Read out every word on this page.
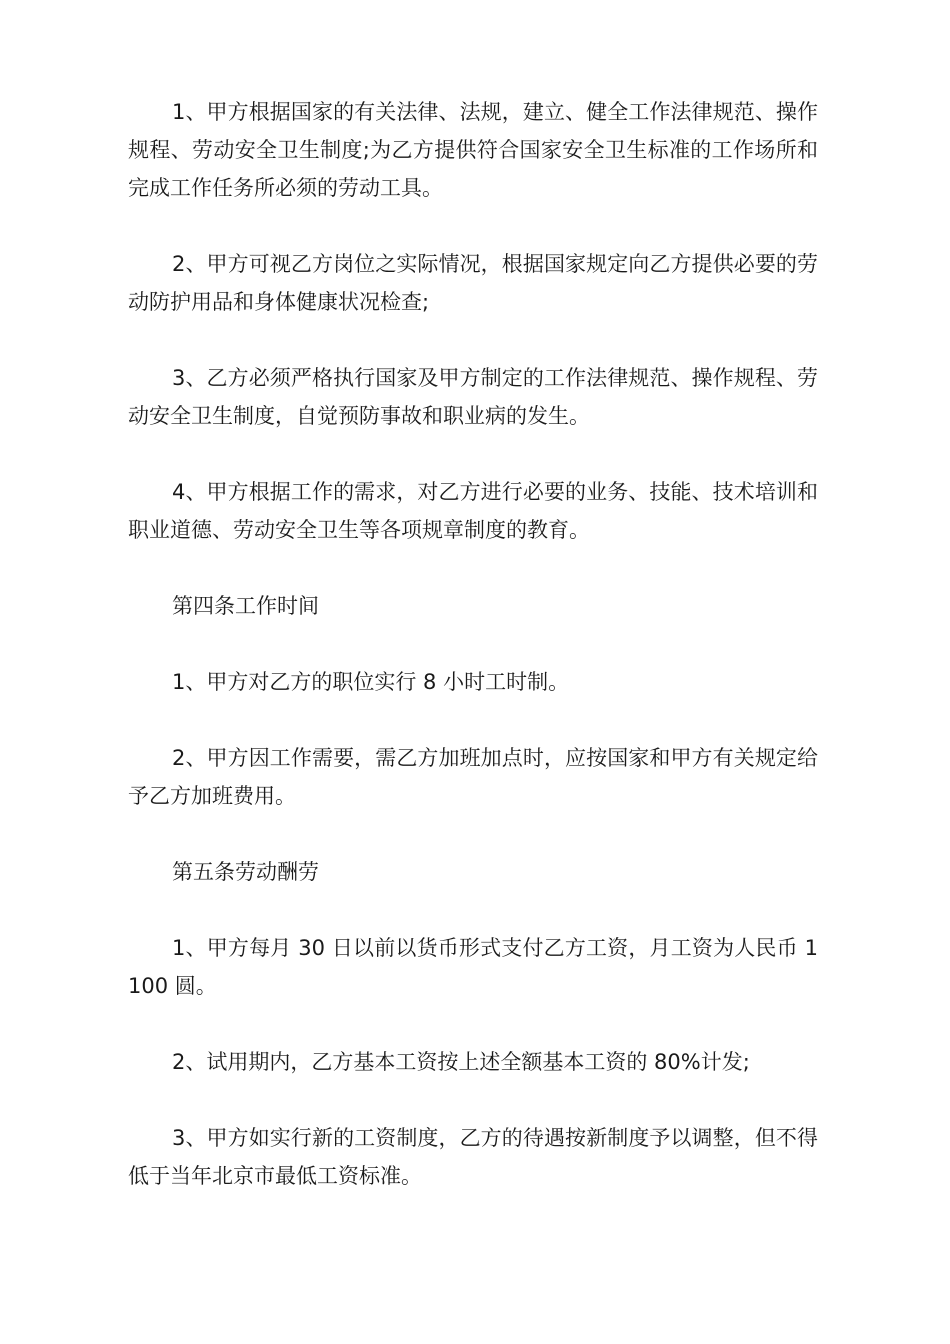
1、甲方根据国家的有关法律、法规，建立、健全工作法律规范、操作规程、劳动安全卫生制度;为乙方提供符合国家安全卫生标准的工作场所和完成工作任务所必须的劳动工具。

2、甲方可视乙方岗位之实际情况，根据国家规定向乙方提供必要的劳动防护用品和身体健康状况检查;

3、乙方必须严格执行国家及甲方制定的工作法律规范、操作规程、劳动安全卫生制度，自觉预防事故和职业病的发生。

4、甲方根据工作的需求，对乙方进行必要的业务、技能、技术培训和职业道德、劳动安全卫生等各项规章制度的教育。

第四条工作时间

1、甲方对乙方的职位实行 8 小时工时制。

2、甲方因工作需要，需乙方加班加点时，应按国家和甲方有关规定给予乙方加班费用。

第五条劳动酬劳

1、甲方每月 30 日以前以货币形式支付乙方工资，月工资为人民币 1100 圆。

2、试用期内，乙方基本工资按上述全额基本工资的 80%计发;

3、甲方如实行新的工资制度，乙方的待遇按新制度予以调整，但不得低于当年北京市最低工资标准。
